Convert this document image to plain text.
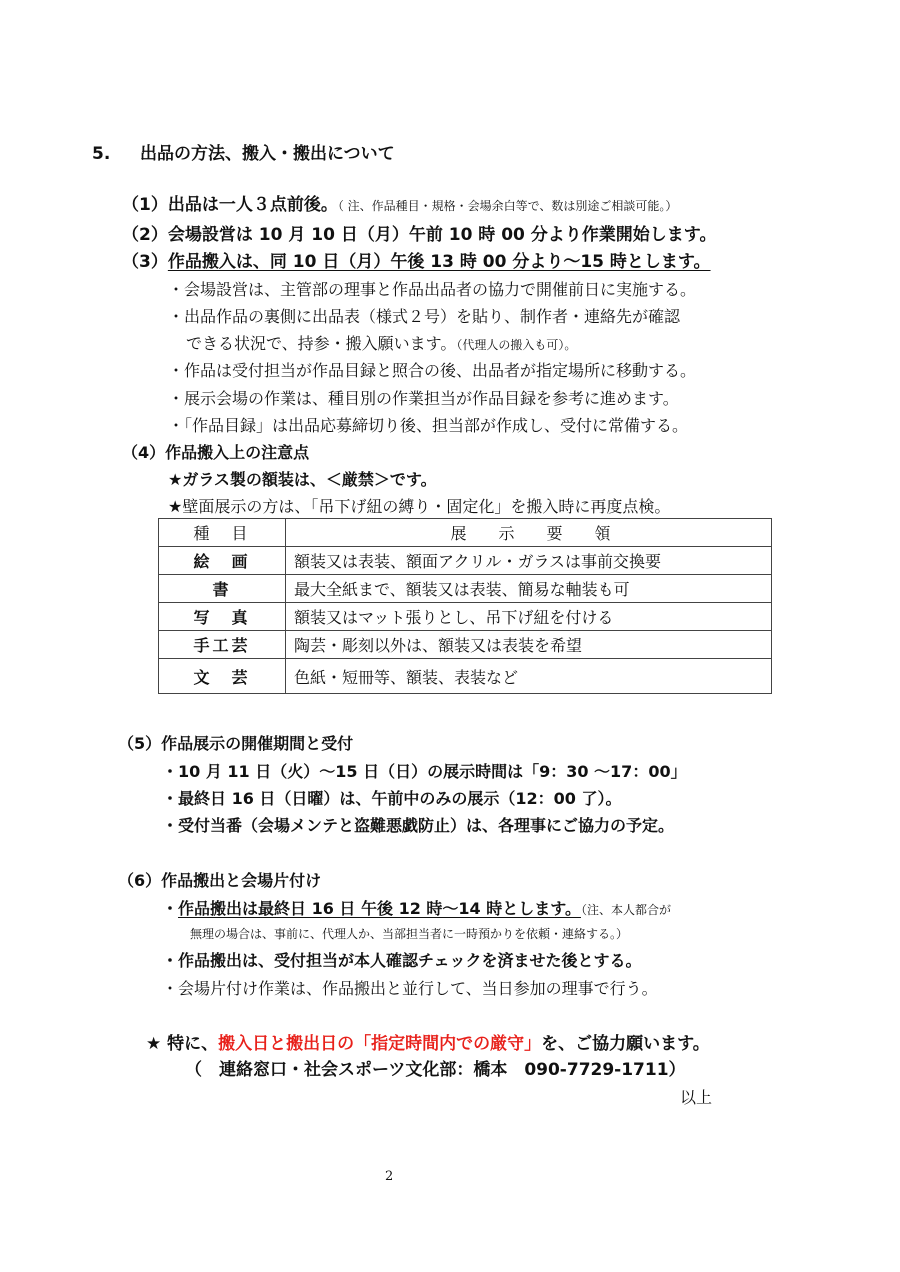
5. 出品の方法、搬入・搬出について
（1）出品は一人３点前後。（ 注、作品種目・規格・会場余白等で、数は別途ご相談可能。）
（2）会場設営は 10 月 10 日（月）午前 10 時 00 分より作業開始します。
（3）作品搬入は、同 10 日（月）午後 13 時 00 分より～15 時とします。
・会場設営は、主管部の理事と作品出品者の協力で開催前日に実施する。
・出品作品の裏側に出品表（様式２号）を貼り、制作者・連絡先が確認
できる状況で、持参・搬入願います。（代理人の搬入も可）。
・作品は受付担当が作品目録と照合の後、出品者が指定場所に移動する。
・展示会場の作業は、種目別の作業担当が作品目録を参考に進めます。
・「作品目録」は出品応募締切り後、担当部が作成し、受付に常備する。
（4）作品搬入上の注意点
★ガラス製の額装は、＜厳禁＞です。
★壁面展示の方は、「吊下げ紐の縛り・固定化」を搬入時に再度点検。
種　目	展　　示　　要　　領
絵　画	額装又は表装、額面アクリル・ガラスは事前交換要
書	最大全紙まで、額装又は表装、簡易な軸装も可
写　真	額装又はマット張りとし、吊下げ紐を付ける
手工芸	陶芸・彫刻以外は、額装又は表装を希望
文　芸	色紙・短冊等、額装、表装など
（5）作品展示の開催期間と受付
・10 月 11 日（火）～15 日（日）の展示時間は「9：30 ～17：00」
・最終日 16 日（日曜）は、午前中のみの展示（12：00 了）。
・受付当番（会場メンテと盗難悪戯防止）は、各理事にご協力の予定。
（6）作品搬出と会場片付け
・作品搬出は最終日 16 日 午後 12 時～14 時とします。（注、本人都合が
無理の場合は、事前に、代理人か、当部担当者に一時預かりを依頼・連絡する。）
・作品搬出は、受付担当が本人確認チェックを済ませた後とする。
・会場片付け作業は、作品搬出と並行して、当日参加の理事で行う。
★ 特に、搬入日と搬出日の「指定時間内での厳守」を、ご協力願います。
（　連絡窓口・社会スポーツ文化部：橋本　090-7729-1711）
以上
2
